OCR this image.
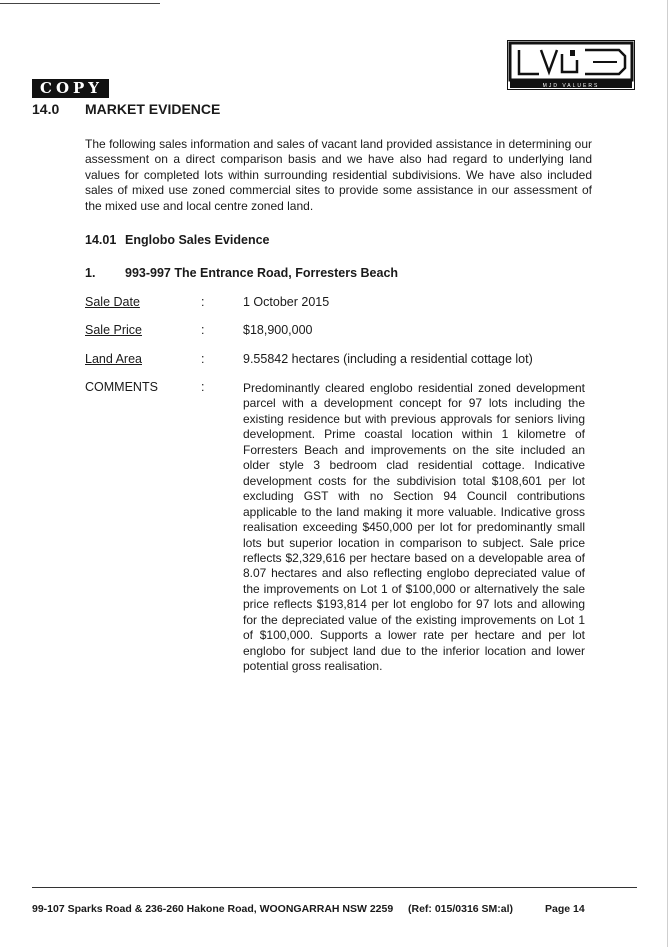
MJD VALUERS
COPY
14.0 MARKET EVIDENCE
The following sales information and sales of vacant land provided assistance in determining our assessment on a direct comparison basis and we have also had regard to underlying land values for completed lots within surrounding residential subdivisions. We have also included sales of mixed use zoned commercial sites to provide some assistance in our assessment of the mixed use and local centre zoned land.
14.01 Englobo Sales Evidence
1. 993-997 The Entrance Road, Forresters Beach
Sale Date	:	1 October 2015
Sale Price	:	$18,900,000
Land Area	:	9.55842 hectares (including a residential cottage lot)
COMMENTS	:	Predominantly cleared englobo residential zoned development parcel with a development concept for 97 lots including the existing residence but with previous approvals for seniors living development. Prime coastal location within 1 kilometre of Forresters Beach and improvements on the site included an older style 3 bedroom clad residential cottage. Indicative development costs for the subdivision total $108,601 per lot excluding GST with no Section 94 Council contributions applicable to the land making it more valuable. Indicative gross realisation exceeding $450,000 per lot for predominantly small lots but superior location in comparison to subject. Sale price reflects $2,329,616 per hectare based on a developable area of 8.07 hectares and also reflecting englobo depreciated value of the improvements on Lot 1 of $100,000 or alternatively the sale price reflects $193,814 per lot englobo for 97 lots and allowing for the depreciated value of the existing improvements on Lot 1 of $100,000. Supports a lower rate per hectare and per lot englobo for subject land due to the inferior location and lower potential gross realisation.
99-107 Sparks Road & 236-260 Hakone Road, WOONGARRAH NSW 2259 (Ref: 015/0316 SM:al)	Page 14
